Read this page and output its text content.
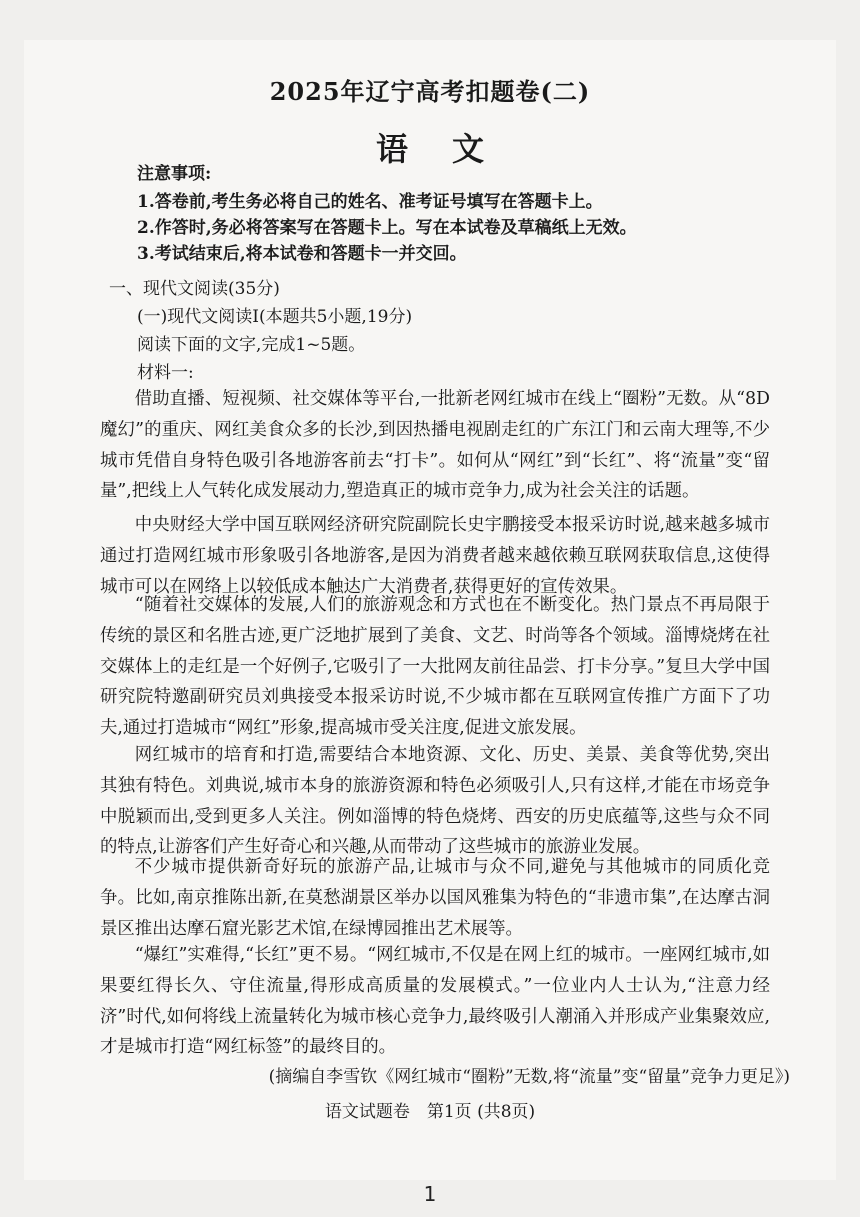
2025年辽宁高考扣题卷(二)
语文
注意事项:
1.答卷前,考生务必将自己的姓名、准考证号填写在答题卡上。
2.作答时,务必将答案写在答题卡上。写在本试卷及草稿纸上无效。
3.考试结束后,将本试卷和答题卡一并交回。
一、现代文阅读(35分)
(一)现代文阅读Ⅰ(本题共5小题,19分)
阅读下面的文字,完成1~5题。
材料一:

借助直播、短视频、社交媒体等平台,一批新老网红城市在线上“圈粉”无数。从“8D魔幻”的重庆、网红美食众多的长沙,到因热播电视剧走红的广东江门和云南大理等,不少城市凭借自身特色吸引各地游客前去“打卡”。如何从“网红”到“长红”、将“流量”变“留量”,把线上人气转化成发展动力,塑造真正的城市竞争力,成为社会关注的话题。

中央财经大学中国互联网经济研究院副院长史宇鹏接受本报采访时说,越来越多城市通过打造网红城市形象吸引各地游客,是因为消费者越来越依赖互联网获取信息,这使得城市可以在网络上以较低成本触达广大消费者,获得更好的宣传效果。

“随着社交媒体的发展,人们的旅游观念和方式也在不断变化。热门景点不再局限于传统的景区和名胜古迹,更广泛地扩展到了美食、文艺、时尚等各个领域。淄博烧烤在社交媒体上的走红是一个好例子,它吸引了一大批网友前往品尝、打卡分享。”复旦大学中国研究院特邀副研究员刘典接受本报采访时说,不少城市都在互联网宣传推广方面下了功夫,通过打造城市“网红”形象,提高城市受关注度,促进文旅发展。

网红城市的培育和打造,需要结合本地资源、文化、历史、美景、美食等优势,突出其独有特色。刘典说,城市本身的旅游资源和特色必须吸引人,只有这样,才能在市场竞争中脱颖而出,受到更多人关注。例如淄博的特色烧烤、西安的历史底蕴等,这些与众不同的特点,让游客们产生好奇心和兴趣,从而带动了这些城市的旅游业发展。

不少城市提供新奇好玩的旅游产品,让城市与众不同,避免与其他城市的同质化竞争。比如,南京推陈出新,在莫愁湖景区举办以国风雅集为特色的“非遗市集”,在达摩古洞景区推出达摩石窟光影艺术馆,在绿博园推出艺术展等。

“爆红”实难得,“长红”更不易。“网红城市,不仅是在网上红的城市。一座网红城市,如果要红得长久、守住流量,得形成高质量的发展模式。”一位业内人士认为,“注意力经济”时代,如何将线上流量转化为城市核心竞争力,最终吸引人潮涌入并形成产业集聚效应,才是城市打造“网红标签”的最终目的。

(摘编自李雪钦《网红城市“圈粉”无数,将“流量”变“留量”竞争力更足》)
语文试题卷　第1页 (共8页)
1
